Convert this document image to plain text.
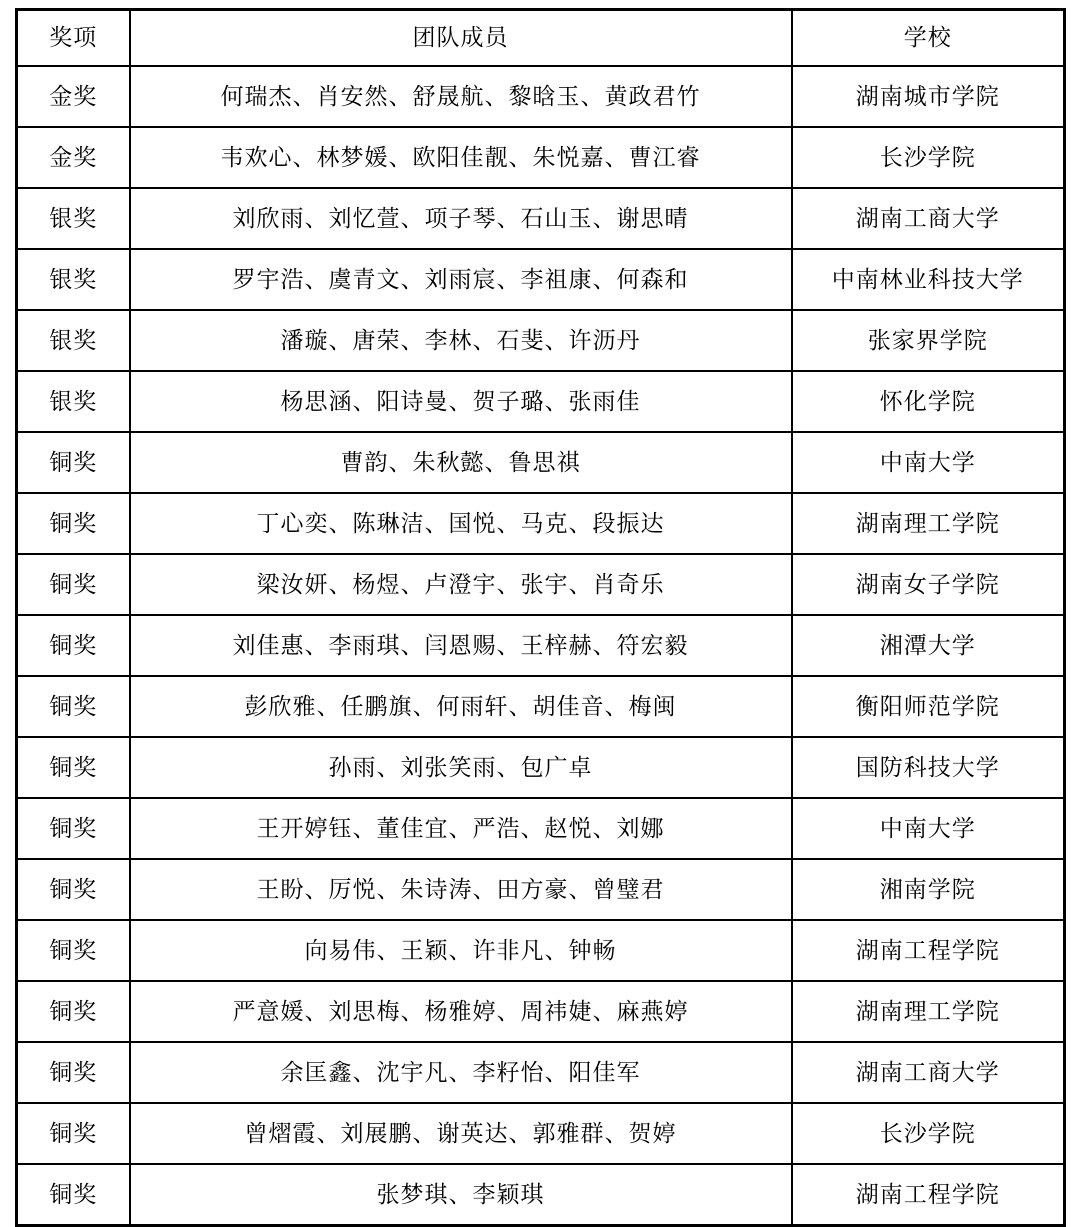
奖项	团队成员	学校
金奖	何瑞杰、肖安然、舒晟航、黎晗玉、黄政君竹	湖南城市学院
金奖	韦欢心、林梦媛、欧阳佳靓、朱悦嘉、曹江睿	长沙学院
银奖	刘欣雨、刘忆萱、项子琴、石山玉、谢思晴	湖南工商大学
银奖	罗宇浩、虞青文、刘雨宸、李祖康、何森和	中南林业科技大学
银奖	潘璇、唐荣、李林、石斐、许沥丹	张家界学院
银奖	杨思涵、阳诗曼、贺子璐、张雨佳	怀化学院
铜奖	曹韵、朱秋懿、鲁思祺	中南大学
铜奖	丁心奕、陈琳洁、国悦、马克、段振达	湖南理工学院
铜奖	梁汝妍、杨煜、卢澄宇、张宇、肖奇乐	湖南女子学院
铜奖	刘佳惠、李雨琪、闫恩赐、王梓赫、符宏毅	湘潭大学
铜奖	彭欣雅、任鹏旗、何雨轩、胡佳音、梅闽	衡阳师范学院
铜奖	孙雨、刘张笑雨、包广卓	国防科技大学
铜奖	王开婷钰、董佳宜、严浩、赵悦、刘娜	中南大学
铜奖	王盼、厉悦、朱诗涛、田方豪、曾璧君	湘南学院
铜奖	向易伟、王颖、许非凡、钟畅	湖南工程学院
铜奖	严意媛、刘思梅、杨雅婷、周祎婕、麻燕婷	湖南理工学院
铜奖	余匡鑫、沈宇凡、李籽怡、阳佳军	湖南工商大学
铜奖	曾熠霞、刘展鹏、谢英达、郭雅群、贺婷	长沙学院
铜奖	张梦琪、李颖琪	湖南工程学院
